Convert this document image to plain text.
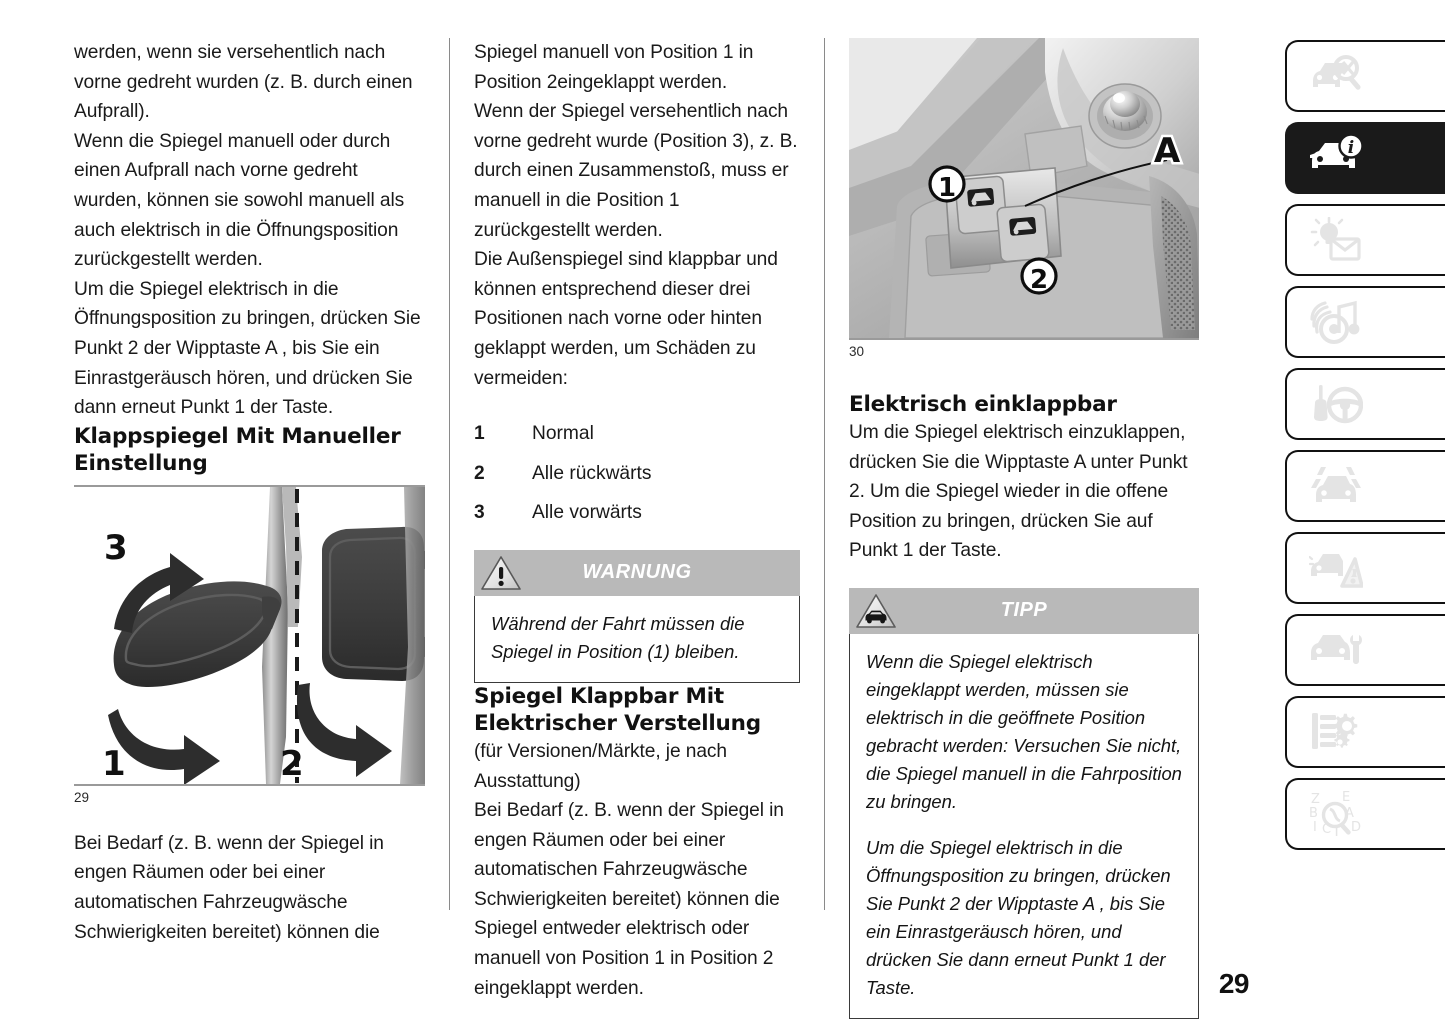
werden, wenn sie versehentlich nach vorne gedreht wurden (z. B. durch einen Aufprall).

Wenn die Spiegel manuell oder durch einen Aufprall nach vorne gedreht wurden, können sie sowohl manuell als auch elektrisch in die Öffnungsposition zurückgestellt werden.

Um die Spiegel elektrisch in die Öffnungsposition zu bringen, drücken Sie Punkt 2 der Wipptaste A , bis Sie ein Einrastgeräusch hören, und drücken Sie dann erneut Punkt 1 der Taste.

Klappspiegel Mit Manueller Einstellung
3
1	2
29

Bei Bedarf (z. B. wenn der Spiegel in engen Räumen oder bei einer automatischen Fahrzeugwäsche Schwierigkeiten bereitet) können die

Spiegel manuell von Position 1 in Position 2eingeklappt werden.

Wenn der Spiegel versehentlich nach vorne gedreht wurde (Position 3), z. B. durch einen Zusammenstoß, muss er manuell in die Position 1 zurückgestellt werden.

Die Außenspiegel sind klappbar und können entsprechend dieser drei Positionen nach vorne oder hinten geklappt werden, um Schäden zu vermeiden:

1	Normal
2	Alle rückwärts
3	Alle vorwärts
WARNUNG

Während der Fahrt müssen die Spiegel in Position (1) bleiben.

Spiegel Klappbar Mit Elektrischer Verstellung

(für Versionen/Märkte, je nach Ausstattung)

Bei Bedarf (z. B. wenn der Spiegel in engen Räumen oder bei einer automatischen Fahrzeugwäsche Schwierigkeiten bereitet) können die Spiegel entweder elektrisch oder manuell von Position 1 in Position 2 eingeklappt werden.

A
1
2
30
Elektrisch einklappbar

Um die Spiegel elektrisch einzuklappen, drücken Sie die Wipptaste A unter Punkt 2. Um die Spiegel wieder in die offene Position zu bringen, drücken Sie auf Punkt 1 der Taste.

TIPP

Wenn die Spiegel elektrisch eingeklappt werden, müssen sie elektrisch in die geöffnete Position gebracht werden: Versuchen Sie nicht, die Spiegel manuell in die Fahrposition zu bringen.

Um die Spiegel elektrisch in die Öffnungsposition zu bringen, drücken Sie Punkt 2 der Wipptaste A , bis Sie ein Einrastgeräusch hören, und drücken Sie dann erneut Punkt 1 der Taste.

i
Z
B
I C T
E
A
D
29
